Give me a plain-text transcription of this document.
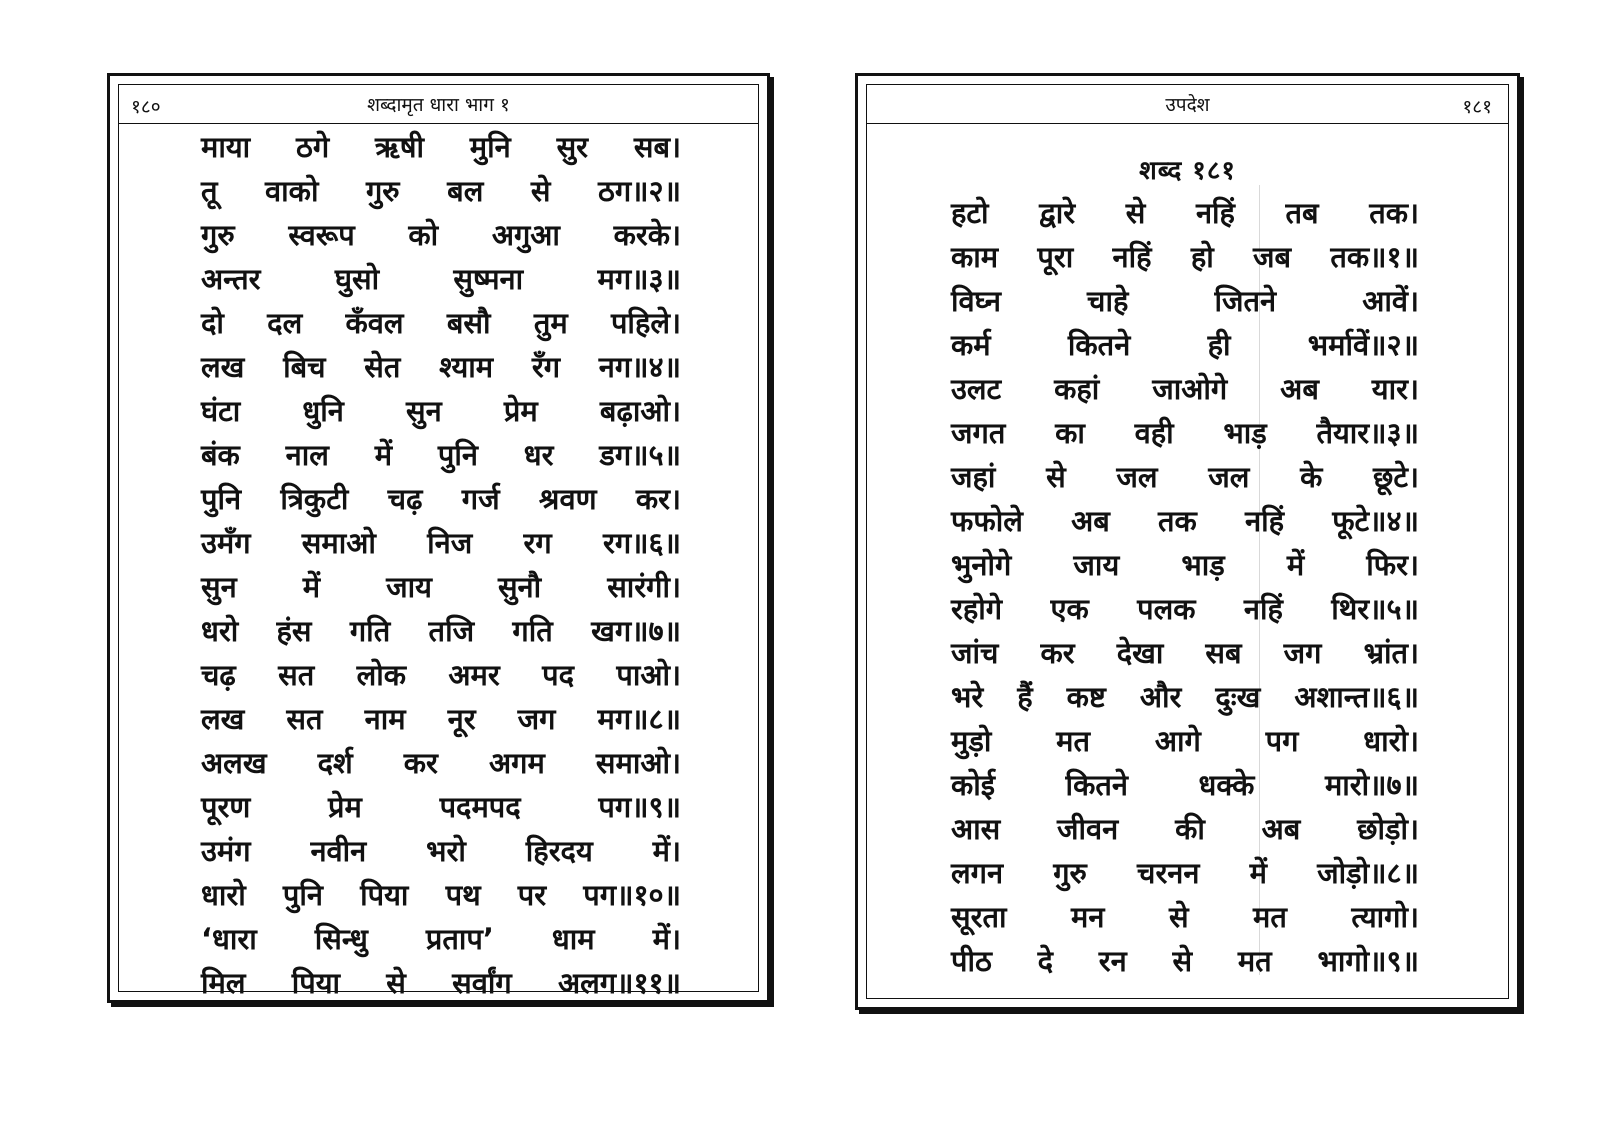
१८०	शब्दामृत धारा भाग १
माया ठगे ऋषी मुनि सुर सब।
तू वाको गुरु बल से ठग॥२॥
गुरु स्वरूप को अगुआ करके।
अन्तर घुसो सुष्मना मग॥३॥
दो दल कँवल बसौ तुम पहिले।
लख बिच सेत श्याम रँग नग॥४॥
घंटा धुनि सुन प्रेम बढ़ाओ।
बंक नाल में पुनि धर डग॥५॥
पुनि त्रिकुटी चढ़ गर्ज श्रवण कर।
उमँग समाओ निज रग रग॥६॥
सुन में जाय सुनौ सारंगी।
धरो हंस गति तजि गति खग॥७॥
चढ़ सत लोक अमर पद पाओ।
लख सत नाम नूर जग मग॥८॥
अलख दर्श कर अगम समाओ।
पूरण प्रेम पदमपद पग॥९॥
उमंग नवीन भरो हिरदय में।
धारो पुनि पिया पथ पर पग॥१०॥
‘धारा सिन्धु प्रताप’ धाम में।
मिल पिया से सर्वांग अलग॥११॥
उपदेश	१८१
शब्द १८१
हटो द्वारे से नहिं तब तक।
काम पूरा नहिं हो जब तक॥१॥
विघ्न चाहे जितने आवें।
कर्म कितने ही भर्मावें॥२॥
उलट कहां जाओगे अब यार।
जगत का वही भाड़ तैयार॥३॥
जहां से जल जल के छूटे।
फफोले अब तक नहिं फूटे॥४॥
भुनोगे जाय भाड़ में फिर।
रहोगे एक पलक नहिं थिर॥५॥
जांच कर देखा सब जग भ्रांत।
भरे हैं कष्ट और दुःख अशान्त॥६॥
मुड़ो मत आगे पग धारो।
कोई कितने धक्के मारो॥७॥
आस जीवन की अब छोड़ो।
लगन गुरु चरनन में जोड़ो॥८॥
सूरता मन से मत त्यागो।
पीठ दे रन से मत भागो॥९॥
